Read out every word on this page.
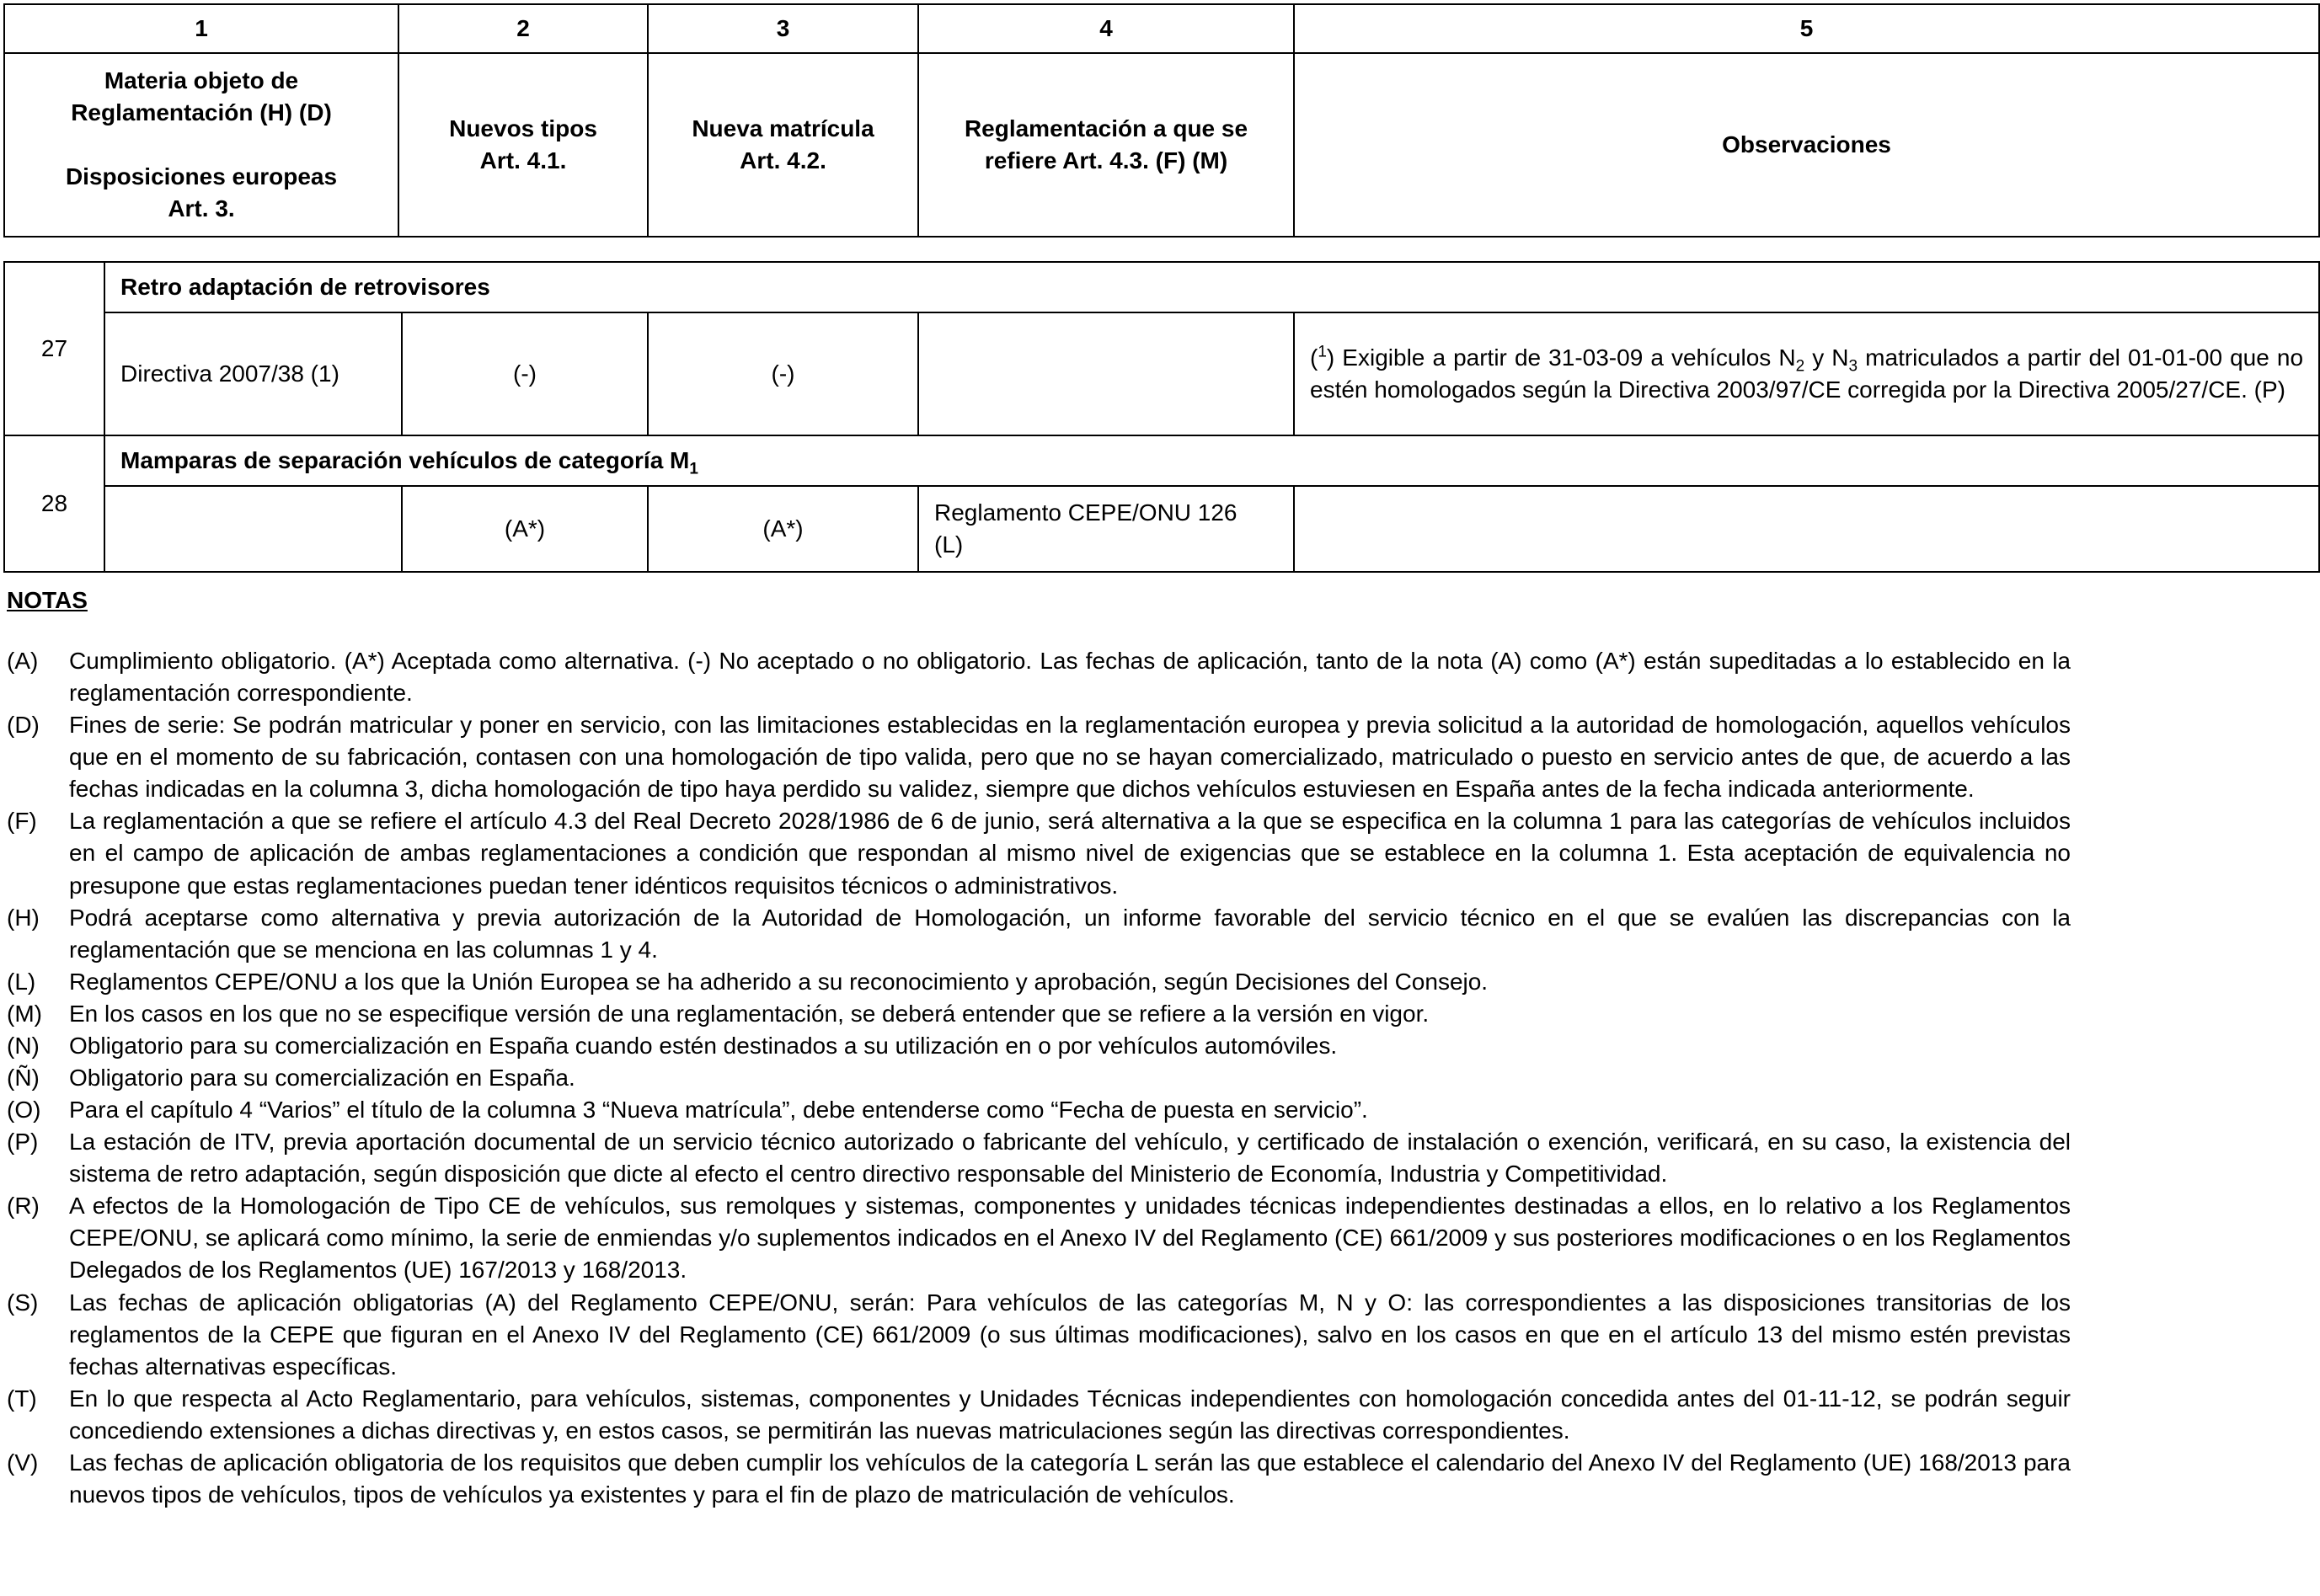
1	2	3	4	5
Materia objeto de
Reglamentación (H) (D)

Disposiciones europeas
Art. 3.	Nuevos tipos
Art. 4.1.	Nueva matrícula
Art. 4.2.	Reglamentación a que se
refiere Art. 4.3. (F) (M)	Observaciones
27	Retro adaptación de retrovisores				
	Directiva 2007/38 (1)	(-)	(-)		($^1$) Exigible a partir de 31-03-09 a vehículos $N_2$ y $N_3$ matriculados a partir del 01-01-00 que no estén homologados según la Directiva 2003/97/CE corregida por la Directiva 2005/27/CE. (P)
28	Mamparas de separación vehículos de categoría $M_1$
		(A*)	(A*)	Reglamento CEPE/ONU 126
(L)	
NOTAS
(A)	Cumplimiento obligatorio. (A*) Aceptada como alternativa. (-) No aceptado o no obligatorio. Las fechas de aplicación, tanto de la nota (A) como (A*) están supeditadas a lo establecido en la reglamentación correspondiente.
(D)	Fines de serie: Se podrán matricular y poner en servicio, con las limitaciones establecidas en la reglamentación europea y previa solicitud a la autoridad de homologación, aquellos vehículos que en el momento de su fabricación, contasen con una homologación de tipo valida, pero que no se hayan comercializado, matriculado o puesto en servicio antes de que, de acuerdo a las fechas indicadas en la columna 3, dicha homologación de tipo haya perdido su validez, siempre que dichos vehículos estuviesen en España antes de la fecha indicada anteriormente.
(F)	La reglamentación a que se refiere el artículo 4.3 del Real Decreto 2028/1986 de 6 de junio, será alternativa a la que se especifica en la columna 1 para las categorías de vehículos incluidos en el campo de aplicación de ambas reglamentaciones a condición que respondan al mismo nivel de exigencias que se establece en la columna 1. Esta aceptación de equivalencia no presupone que estas reglamentaciones puedan tener idénticos requisitos técnicos o administrativos.
(H)	Podrá aceptarse como alternativa y previa autorización de la Autoridad de Homologación, un informe favorable del servicio técnico en el que se evalúen las discrepancias con la reglamentación que se menciona en las columnas 1 y 4.
(L)	Reglamentos CEPE/ONU a los que la Unión Europea se ha adherido a su reconocimiento y aprobación, según Decisiones del Consejo.
(M)	En los casos en los que no se especifique versión de una reglamentación, se deberá entender que se refiere a la versión en vigor.
(N)	Obligatorio para su comercialización en España cuando estén destinados a su utilización en o por vehículos automóviles.
(Ñ)	Obligatorio para su comercialización en España.
(O)	Para el capítulo 4 “Varios” el título de la columna 3 “Nueva matrícula”, debe entenderse como “Fecha de puesta en servicio”.
(P)	La estación de ITV, previa aportación documental de un servicio técnico autorizado o fabricante del vehículo, y certificado de instalación o exención, verificará, en su caso, la existencia del sistema de retro adaptación, según disposición que dicte al efecto el centro directivo responsable del Ministerio de Economía, Industria y Competitividad.
(R)	A efectos de la Homologación de Tipo CE de vehículos, sus remolques y sistemas, componentes y unidades técnicas independientes destinadas a ellos, en lo relativo a los Reglamentos CEPE/ONU, se aplicará como mínimo, la serie de enmiendas y/o suplementos indicados en el Anexo IV del Reglamento (CE) 661/2009 y sus posteriores modificaciones o en los Reglamentos Delegados de los Reglamentos (UE) 167/2013 y 168/2013.
(S)	Las fechas de aplicación obligatorias (A) del Reglamento CEPE/ONU, serán: Para vehículos de las categorías M, N y O: las correspondientes a las disposiciones transitorias de los reglamentos de la CEPE que figuran en el Anexo IV del Reglamento (CE) 661/2009 (o sus últimas modificaciones), salvo en los casos en que en el artículo 13 del mismo estén previstas fechas alternativas específicas.
(T)	En lo que respecta al Acto Reglamentario, para vehículos, sistemas, componentes y Unidades Técnicas independientes con homologación concedida antes del 01-11-12, se podrán seguir concediendo extensiones a dichas directivas y, en estos casos, se permitirán las nuevas matriculaciones según las directivas correspondientes.
(V)	Las fechas de aplicación obligatoria de los requisitos que deben cumplir los vehículos de la categoría L serán las que establece el calendario del Anexo IV del Reglamento (UE) 168/2013 para nuevos tipos de vehículos, tipos de vehículos ya existentes y para el fin de plazo de matriculación de vehículos.
